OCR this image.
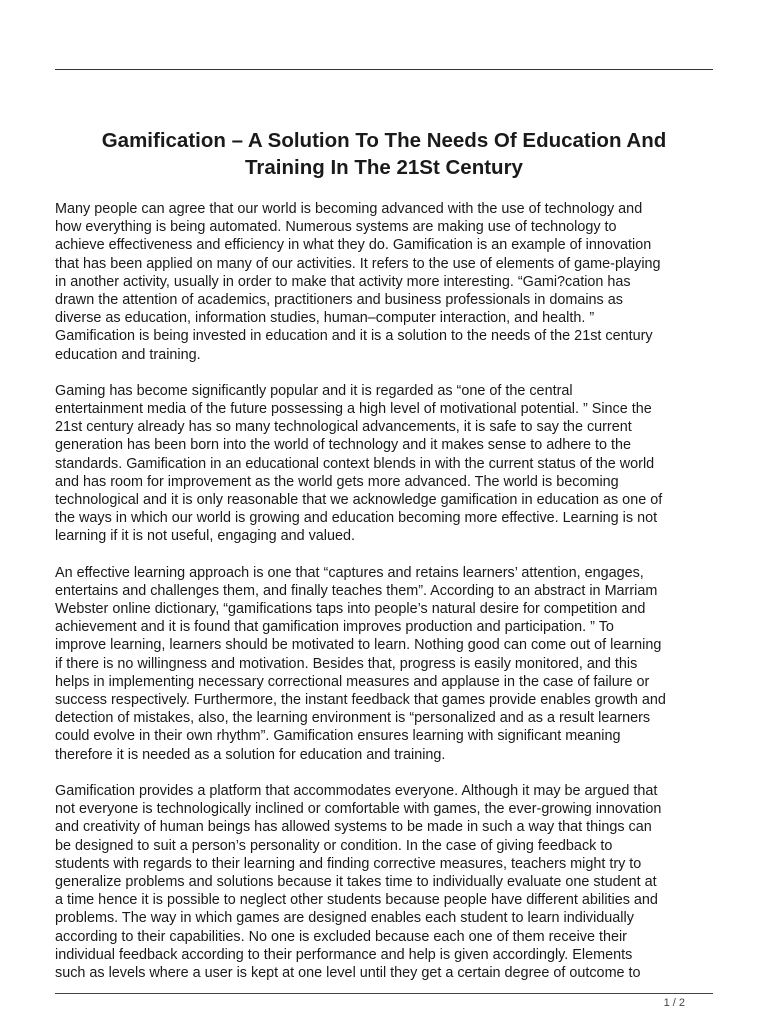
Gamification – A Solution To The Needs Of Education And
Training In The 21St Century

Many people can agree that our world is becoming advanced with the use of technology and
how everything is being automated. Numerous systems are making use of technology to
achieve effectiveness and efficiency in what they do. Gamification is an example of innovation
that has been applied on many of our activities. It refers to the use of elements of game-playing
in another activity, usually in order to make that activity more interesting. “Gami?cation has
drawn the attention of academics, practitioners and business professionals in domains as
diverse as education, information studies, human–computer interaction, and health. ”
Gamification is being invested in education and it is a solution to the needs of the 21st century
education and training.

Gaming has become significantly popular and it is regarded as “one of the central
entertainment media of the future possessing a high level of motivational potential. ” Since the
21st century already has so many technological advancements, it is safe to say the current
generation has been born into the world of technology and it makes sense to adhere to the
standards. Gamification in an educational context blends in with the current status of the world
and has room for improvement as the world gets more advanced. The world is becoming
technological and it is only reasonable that we acknowledge gamification in education as one of
the ways in which our world is growing and education becoming more effective. Learning is not
learning if it is not useful, engaging and valued.

An effective learning approach is one that “captures and retains learners’ attention, engages,
entertains and challenges them, and finally teaches them”. According to an abstract in Marriam
Webster online dictionary, “gamifications taps into people’s natural desire for competition and
achievement and it is found that gamification improves production and participation. ” To
improve learning, learners should be motivated to learn. Nothing good can come out of learning
if there is no willingness and motivation. Besides that, progress is easily monitored, and this
helps in implementing necessary correctional measures and applause in the case of failure or
success respectively. Furthermore, the instant feedback that games provide enables growth and
detection of mistakes, also, the learning environment is “personalized and as a result learners
could evolve in their own rhythm”. Gamification ensures learning with significant meaning
therefore it is needed as a solution for education and training.

Gamification provides a platform that accommodates everyone. Although it may be argued that
not everyone is technologically inclined or comfortable with games, the ever-growing innovation
and creativity of human beings has allowed systems to be made in such a way that things can
be designed to suit a person’s personality or condition. In the case of giving feedback to
students with regards to their learning and finding corrective measures, teachers might try to
generalize problems and solutions because it takes time to individually evaluate one student at
a time hence it is possible to neglect other students because people have different abilities and
problems. The way in which games are designed enables each student to learn individually
according to their capabilities. No one is excluded because each one of them receive their
individual feedback according to their performance and help is given accordingly. Elements
such as levels where a user is kept at one level until they get a certain degree of outcome to

1 / 2
